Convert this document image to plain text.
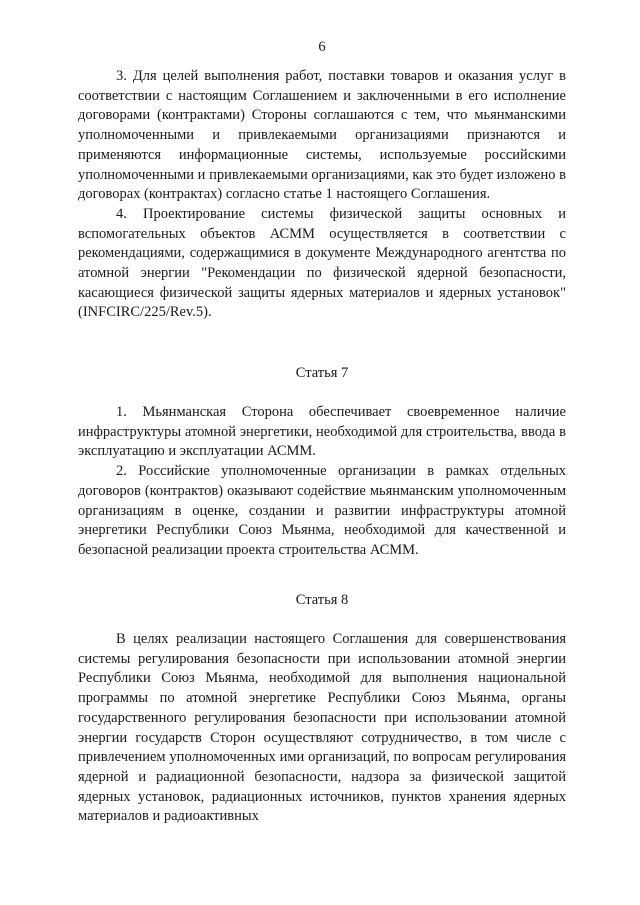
6

3. Для целей выполнения работ, поставки товаров и оказания услуг в соответствии с настоящим Соглашением и заключенными в его исполнение договорами (контрактами) Стороны соглашаются с тем, что мьянманскими уполномоченными и привлекаемыми организациями признаются и применяются информационные системы, используемые российскими уполномоченными и привлекаемыми организациями, как это будет изложено в договорах (контрактах) согласно статье 1 настоящего Соглашения.

4. Проектирование системы физической защиты основных и вспомогательных объектов АСММ осуществляется в соответствии с рекомендациями, содержащимися в документе Международного агентства по атомной энергии "Рекомендации по физической ядерной безопасности, касающиеся физической защиты ядерных материалов и ядерных установок" (INFCIRC/225/Rev.5).

Статья 7

1. Мьянманская Сторона обеспечивает своевременное наличие инфраструктуры атомной энергетики, необходимой для строительства, ввода в эксплуатацию и эксплуатации АСММ.

2. Российские уполномоченные организации в рамках отдельных договоров (контрактов) оказывают содействие мьянманским уполномоченным организациям в оценке, создании и развитии инфраструктуры атомной энергетики Республики Союз Мьянма, необходимой для качественной и безопасной реализации проекта строительства АСММ.

Статья 8

В целях реализации настоящего Соглашения для совершенствования системы регулирования безопасности при использовании атомной энергии Республики Союз Мьянма, необходимой для выполнения национальной программы по атомной энергетике Республики Союз Мьянма, органы государственного регулирования безопасности при использовании атомной энергии государств Сторон осуществляют сотрудничество, в том числе с привлечением уполномоченных ими организаций, по вопросам регулирования ядерной и радиационной безопасности, надзора за физической защитой ядерных установок, радиационных источников, пунктов хранения ядерных материалов и радиоактивных
